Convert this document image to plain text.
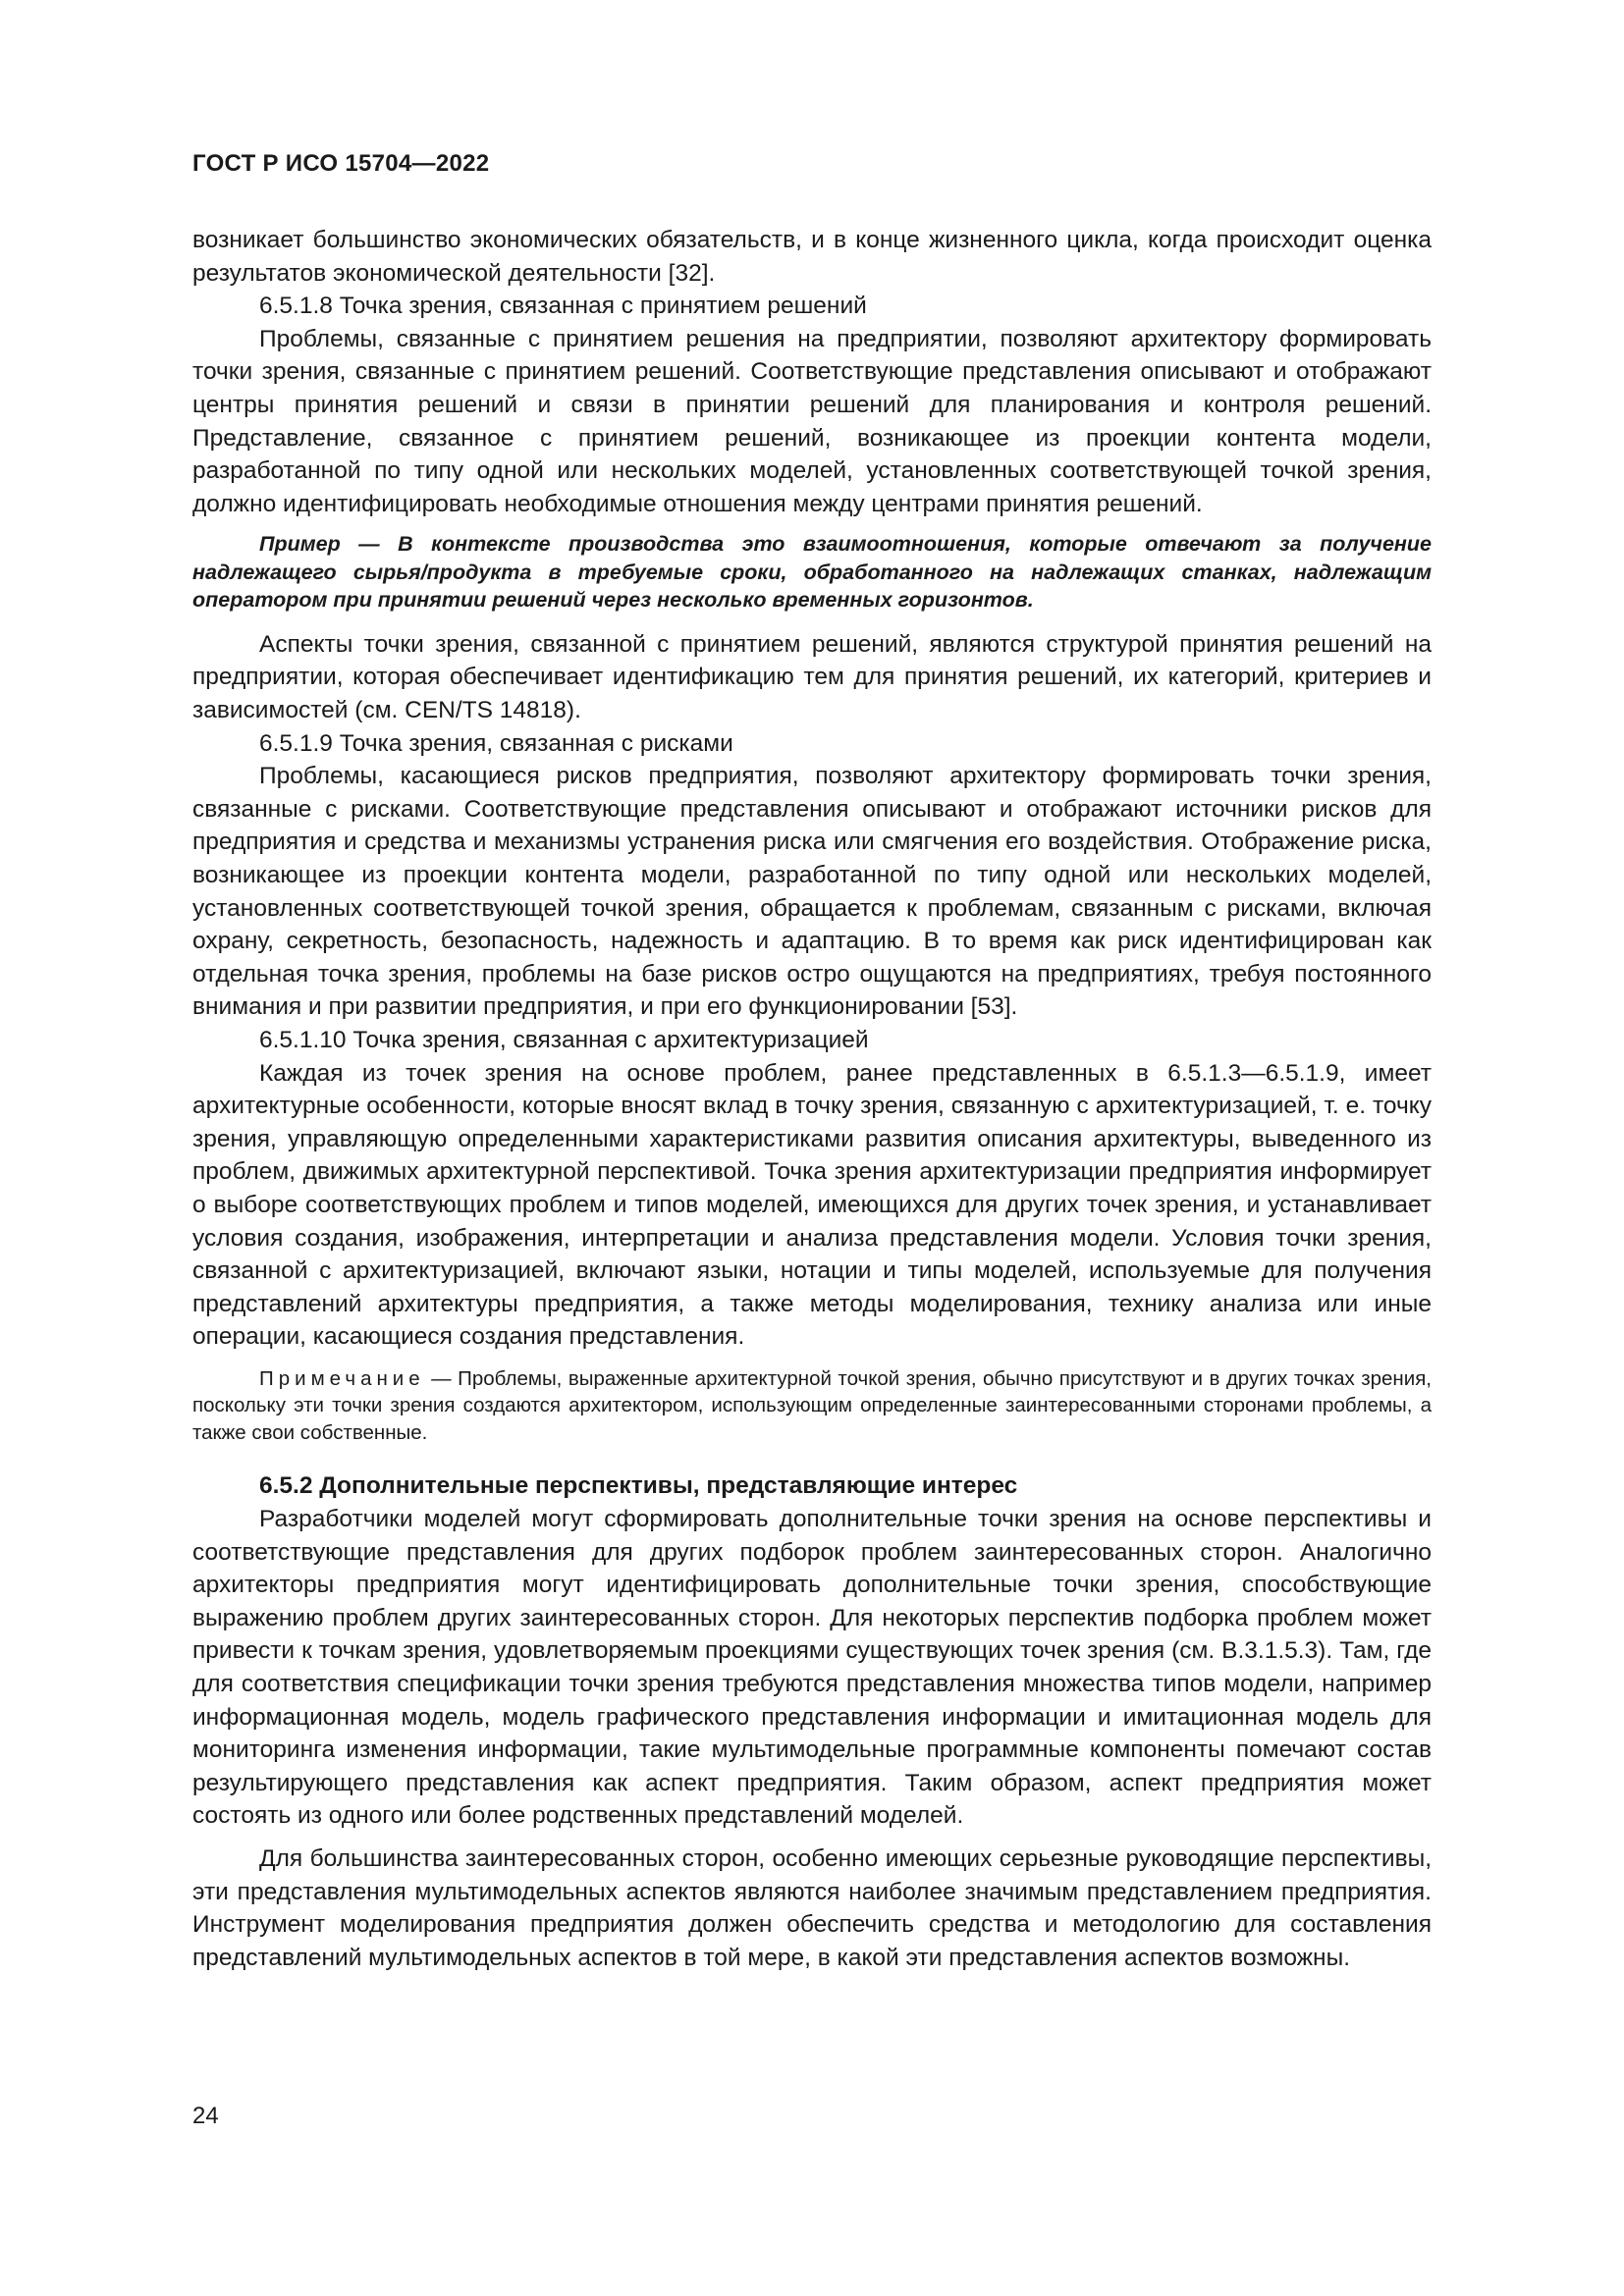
ГОСТ Р ИСО 15704—2022

возникает большинство экономических обязательств, и в конце жизненного цикла, когда происходит оценка результатов экономической деятельности [32].

6.5.1.8 Точка зрения, связанная с принятием решений

Проблемы, связанные с принятием решения на предприятии, позволяют архитектору формировать точки зрения, связанные с принятием решений. Соответствующие представления описывают и отображают центры принятия решений и связи в принятии решений для планирования и контроля решений. Представление, связанное с принятием решений, возникающее из проекции контента модели, разработанной по типу одной или нескольких моделей, установленных соответствующей точкой зрения, должно идентифицировать необходимые отношения между центрами принятия решений.

Пример — В контексте производства это взаимоотношения, которые отвечают за получение надлежащего сырья/продукта в требуемые сроки, обработанного на надлежащих станках, надлежащим оператором при принятии решений через несколько временных горизонтов.

Аспекты точки зрения, связанной с принятием решений, являются структурой принятия решений на предприятии, которая обеспечивает идентификацию тем для принятия решений, их категорий, критериев и зависимостей (см. CEN/TS 14818).

6.5.1.9 Точка зрения, связанная с рисками

Проблемы, касающиеся рисков предприятия, позволяют архитектору формировать точки зрения, связанные с рисками. Соответствующие представления описывают и отображают источники рисков для предприятия и средства и механизмы устранения риска или смягчения его воздействия. Отображение риска, возникающее из проекции контента модели, разработанной по типу одной или нескольких моделей, установленных соответствующей точкой зрения, обращается к проблемам, связанным с рисками, включая охрану, секретность, безопасность, надежность и адаптацию. В то время как риск идентифицирован как отдельная точка зрения, проблемы на базе рисков остро ощущаются на предприятиях, требуя постоянного внимания и при развитии предприятия, и при его функционировании [53].

6.5.1.10 Точка зрения, связанная с архитектуризацией

Каждая из точек зрения на основе проблем, ранее представленных в 6.5.1.3—6.5.1.9, имеет архитектурные особенности, которые вносят вклад в точку зрения, связанную с архитектуризацией, т. е. точку зрения, управляющую определенными характеристиками развития описания архитектуры, выведенного из проблем, движимых архитектурной перспективой. Точка зрения архитектуризации предприятия информирует о выборе соответствующих проблем и типов моделей, имеющихся для других точек зрения, и устанавливает условия создания, изображения, интерпретации и анализа представления модели. Условия точки зрения, связанной с архитектуризацией, включают языки, нотации и типы моделей, используемые для получения представлений архитектуры предприятия, а также методы моделирования, технику анализа или иные операции, касающиеся создания представления.

Примечание — Проблемы, выраженные архитектурной точкой зрения, обычно присутствуют и в других точках зрения, поскольку эти точки зрения создаются архитектором, использующим определенные заинтересованными сторонами проблемы, а также свои собственные.

6.5.2 Дополнительные перспективы, представляющие интерес

Разработчики моделей могут сформировать дополнительные точки зрения на основе перспективы и соответствующие представления для других подборок проблем заинтересованных сторон. Аналогично архитекторы предприятия могут идентифицировать дополнительные точки зрения, способствующие выражению проблем других заинтересованных сторон. Для некоторых перспектив подборка проблем может привести к точкам зрения, удовлетворяемым проекциями существующих точек зрения (см. В.3.1.5.3). Там, где для соответствия спецификации точки зрения требуются представления множества типов модели, например информационная модель, модель графического представления информации и имитационная модель для мониторинга изменения информации, такие мультимодельные программные компоненты помечают состав результирующего представления как аспект предприятия. Таким образом, аспект предприятия может состоять из одного или более родственных представлений моделей.

Для большинства заинтересованных сторон, особенно имеющих серьезные руководящие перспективы, эти представления мультимодельных аспектов являются наиболее значимым представлением предприятия. Инструмент моделирования предприятия должен обеспечить средства и методологию для составления представлений мультимодельных аспектов в той мере, в какой эти представления аспектов возможны.

24
